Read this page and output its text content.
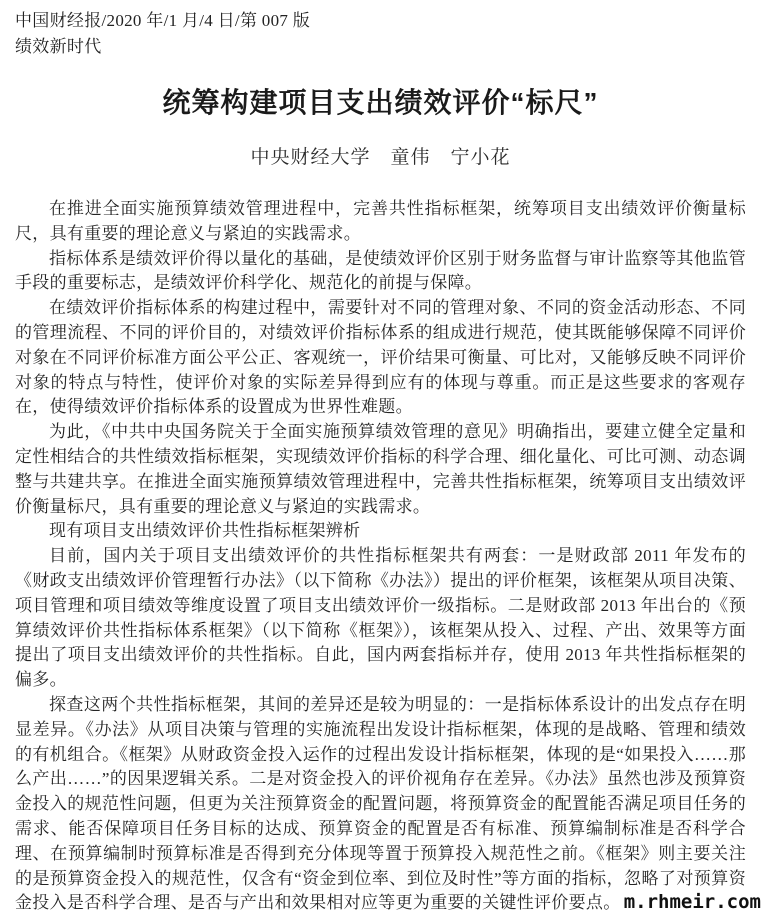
中国财经报/2020 年/1 月/4 日/第 007 版
绩效新时代
统筹构建项目支出绩效评价“标尺”
中央财经大学　童伟　宁小花

在推进全面实施预算绩效管理进程中，完善共性指标框架，统筹项目支出绩效评价衡量标尺，具有重要的理论意义与紧迫的实践需求。

指标体系是绩效评价得以量化的基础，是使绩效评价区别于财务监督与审计监察等其他监管手段的重要标志，是绩效评价科学化、规范化的前提与保障。

在绩效评价指标体系的构建过程中，需要针对不同的管理对象、不同的资金活动形态、不同的管理流程、不同的评价目的，对绩效评价指标体系的组成进行规范，使其既能够保障不同评价对象在不同评价标准方面公平公正、客观统一，评价结果可衡量、可比对，又能够反映不同评价对象的特点与特性，使评价对象的实际差异得到应有的体现与尊重。而正是这些要求的客观存在，使得绩效评价指标体系的设置成为世界性难题。

为此，《中共中央国务院关于全面实施预算绩效管理的意见》明确指出，要建立健全定量和定性相结合的共性绩效指标框架，实现绩效评价指标的科学合理、细化量化、可比可测、动态调整与共建共享。在推进全面实施预算绩效管理进程中，完善共性指标框架，统筹项目支出绩效评价衡量标尺，具有重要的理论意义与紧迫的实践需求。

现有项目支出绩效评价共性指标框架辨析

目前，国内关于项目支出绩效评价的共性指标框架共有两套：一是财政部 2011 年发布的《财政支出绩效评价管理暂行办法》（以下简称《办法》）提出的评价框架，该框架从项目决策、项目管理和项目绩效等维度设置了项目支出绩效评价一级指标。二是财政部 2013 年出台的《预算绩效评价共性指标体系框架》（以下简称《框架》），该框架从投入、过程、产出、效果等方面提出了项目支出绩效评价的共性指标。自此，国内两套指标并存，使用 2013 年共性指标框架的偏多。

探查这两个共性指标框架，其间的差异还是较为明显的：一是指标体系设计的出发点存在明显差异。《办法》从项目决策与管理的实施流程出发设计指标框架，体现的是战略、管理和绩效的有机组合。《框架》从财政资金投入运作的过程出发设计指标框架，体现的是“如果投入……那么产出……”的因果逻辑关系。二是对资金投入的评价视角存在差异。《办法》虽然也涉及预算资金投入的规范性问题，但更为关注预算资金的配置问题，将预算资金的配置能否满足项目任务的需求、能否保障项目任务目标的达成、预算资金的配置是否有标准、预算编制标准是否科学合理、在预算编制时预算标准是否得到充分体现等置于预算投入规范性之前。《框架》则主要关注的是预算资金投入的规范性，仅含有“资金到位率、到位及时性”等方面的指标，忽略了对预算资金投入是否科学合理、是否与产出和效果相对应等更为重要的关键性评价要点。 m.rhmeir.com
